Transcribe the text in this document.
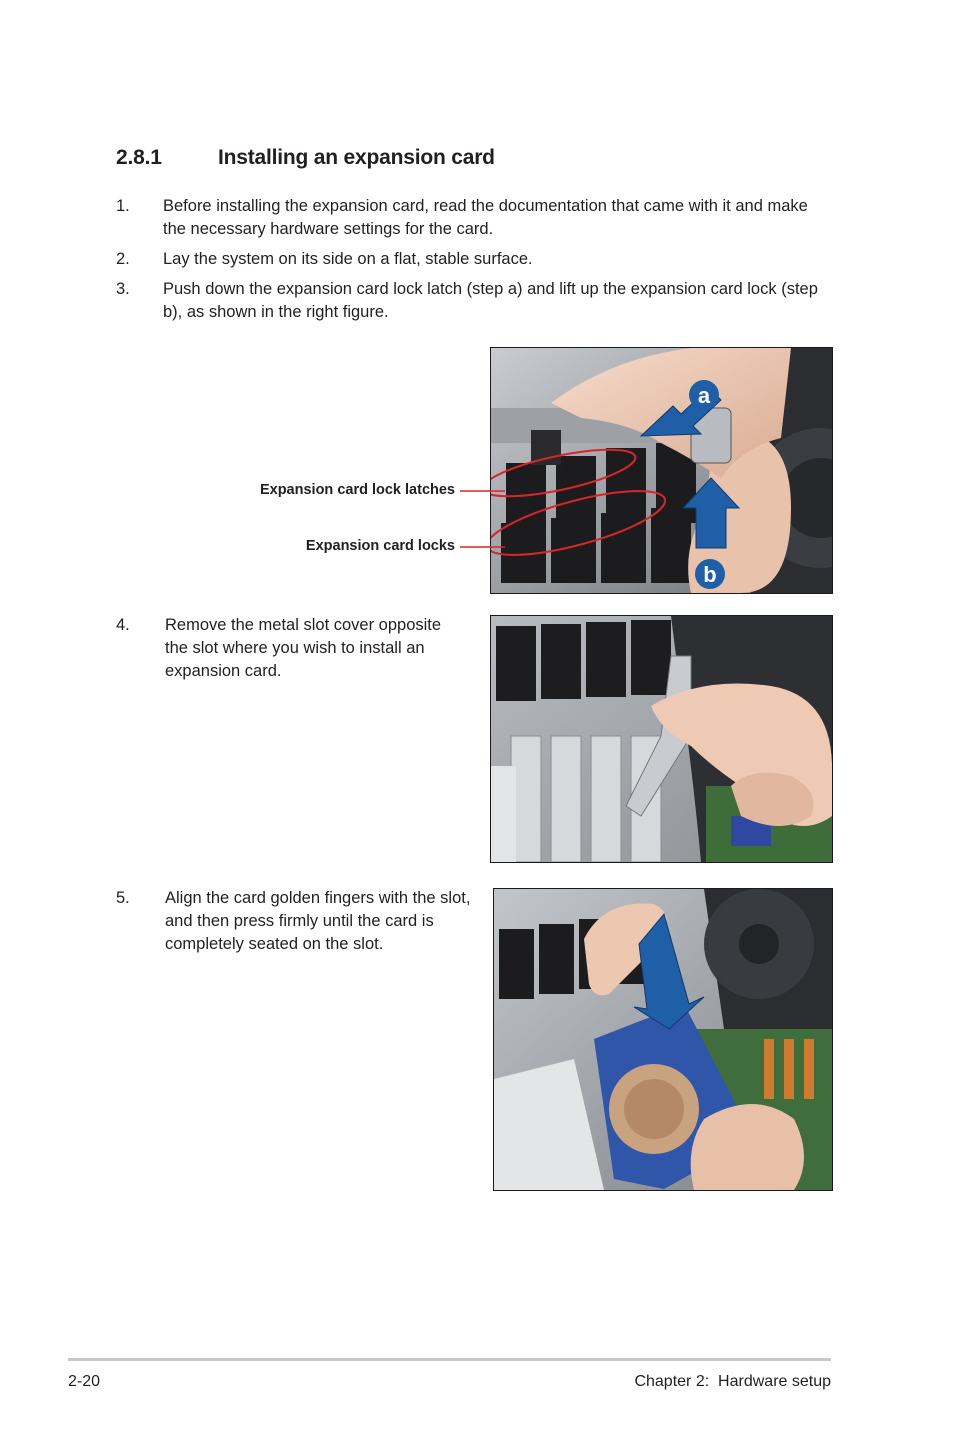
2.8.1	Installing an expansion card
1. Before installing the expansion card, read the documentation that came with it and make the necessary hardware settings for the card.
2. Lay the system on its side on a flat, stable surface.
3. Push down the expansion card lock latch (step a) and lift up the expansion card lock (step b), as shown in the right figure.
a
b
Expansion card lock latches
Expansion card locks
4. Remove the metal slot cover opposite the slot where you wish to install an expansion card.
5. Align the card golden fingers with the slot, and then press firmly until the card is completely seated on the slot.
2-20	Chapter 2:  Hardware setup
